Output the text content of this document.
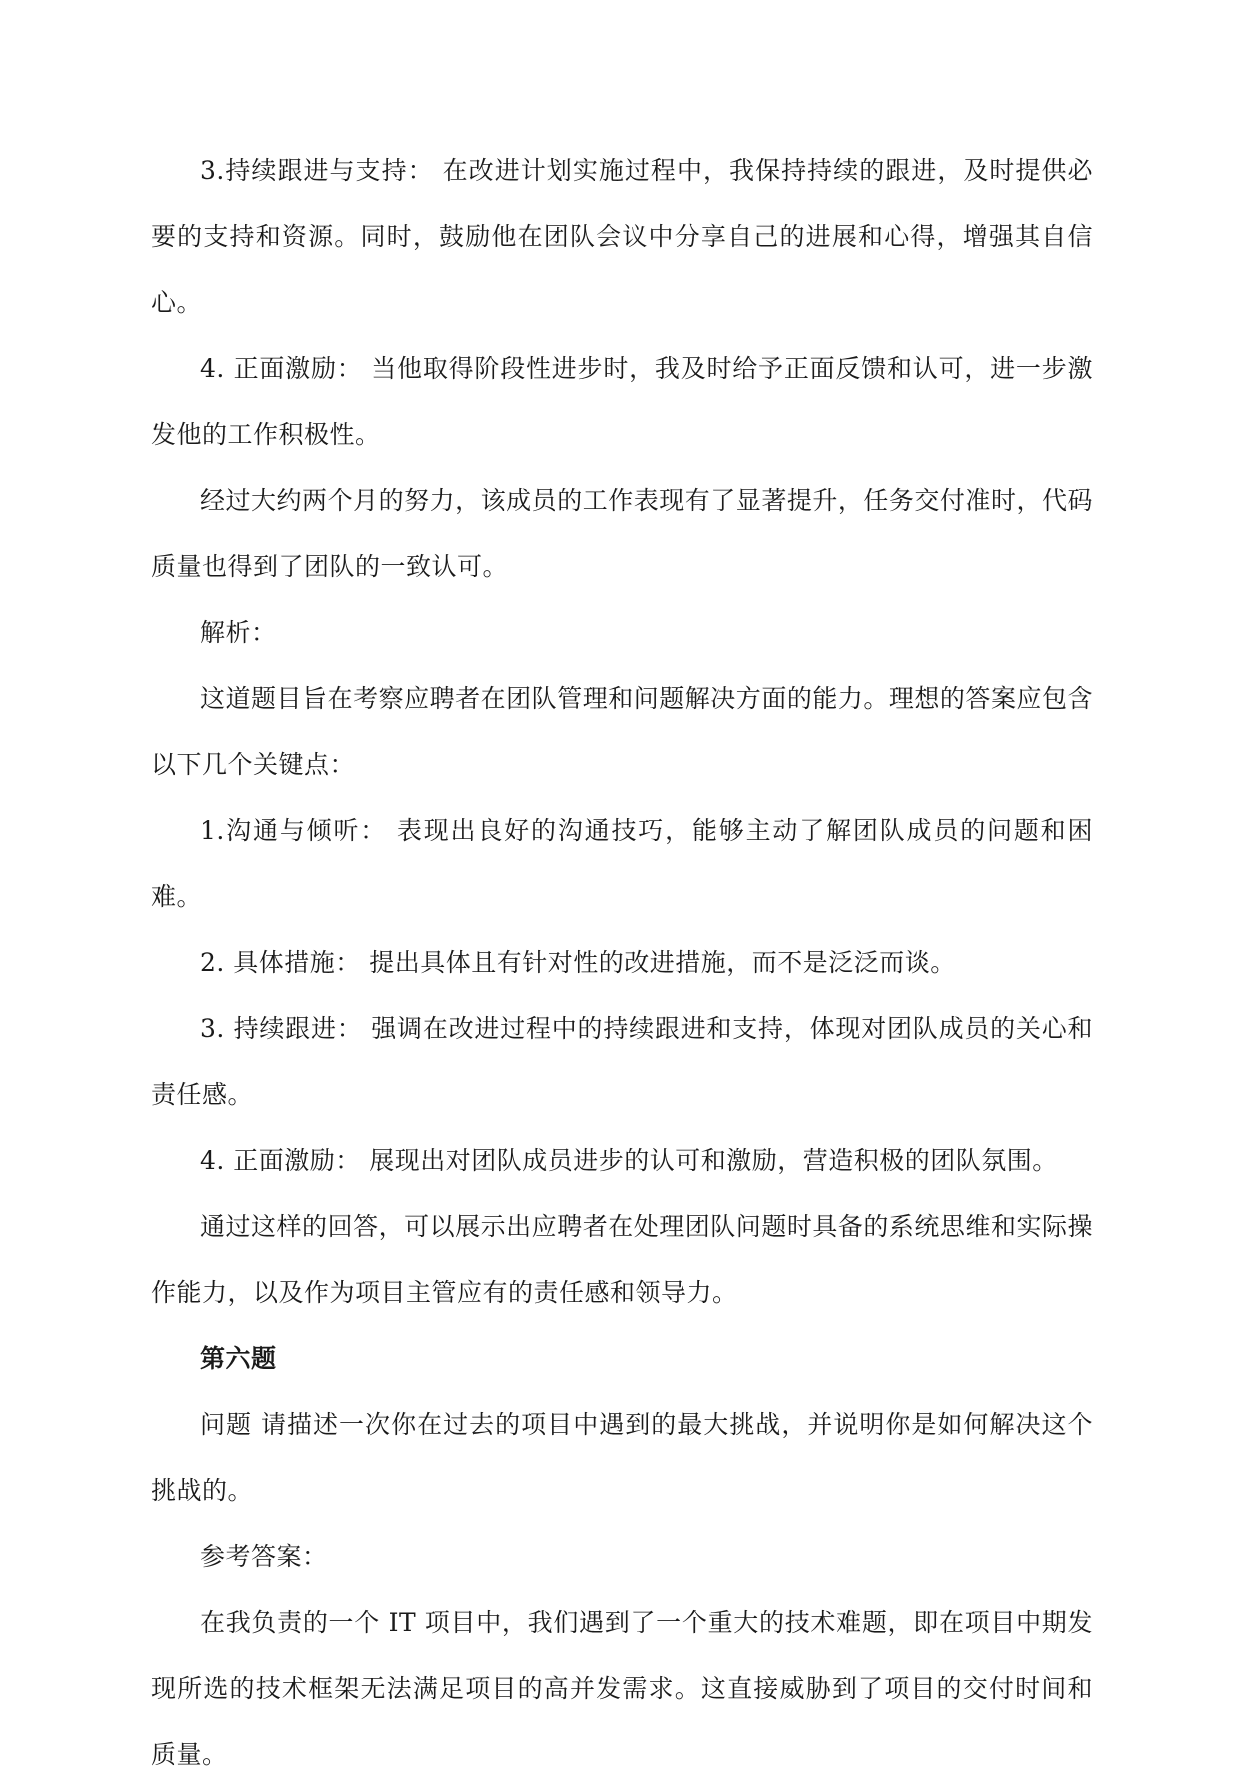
3.持续跟进与支持： 在改进计划实施过程中，我保持持续的跟进，及时提供必要的支持和资源。同时，鼓励他在团队会议中分享自己的进展和心得，增强其自信心。

4. 正面激励： 当他取得阶段性进步时，我及时给予正面反馈和认可，进一步激发他的工作积极性。

经过大约两个月的努力，该成员的工作表现有了显著提升，任务交付准时，代码质量也得到了团队的一致认可。

解析：

这道题目旨在考察应聘者在团队管理和问题解决方面的能力。理想的答案应包含以下几个关键点：

1.沟通与倾听： 表现出良好的沟通技巧，能够主动了解团队成员的问题和困难。

2. 具体措施： 提出具体且有针对性的改进措施，而不是泛泛而谈。

3. 持续跟进： 强调在改进过程中的持续跟进和支持，体现对团队成员的关心和责任感。

4. 正面激励： 展现出对团队成员进步的认可和激励，营造积极的团队氛围。

通过这样的回答，可以展示出应聘者在处理团队问题时具备的系统思维和实际操作能力，以及作为项目主管应有的责任感和领导力。

第六题

问题 请描述一次你在过去的项目中遇到的最大挑战，并说明你是如何解决这个挑战的。

参考答案：

在我负责的一个 IT 项目中，我们遇到了一个重大的技术难题，即在项目中期发现所选的技术框架无法满足项目的高并发需求。这直接威胁到了项目的交付时间和质量。
